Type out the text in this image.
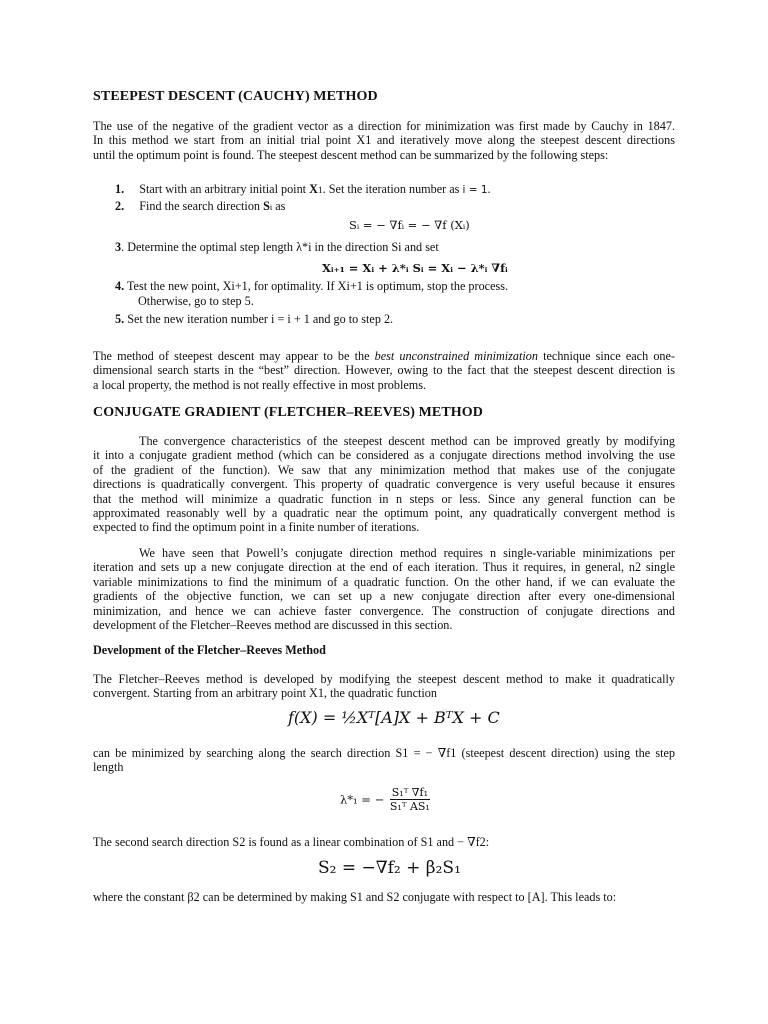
STEEPEST DESCENT (CAUCHY) METHOD
The use of the negative of the gradient vector as a direction for minimization was first made by Cauchy in 1847.
In this method we start from an initial trial point X1 and iteratively move along the steepest descent directions
until the optimum point is found. The steepest descent method can be summarized by the following steps:
1. Start with an arbitrary initial point X1. Set the iteration number as i = 1.
2. Find the search direction Si as
Sᵢ = − ∇fᵢ = − ∇f (Xᵢ)
3. Determine the optimal step length λ*i in the direction Si and set
Xᵢ₊₁ = Xᵢ + λ*ᵢ Sᵢ = Xᵢ − λ*ᵢ ∇fᵢ
4. Test the new point, Xi+1, for optimality. If Xi+1 is optimum, stop the process.
Otherwise, go to step 5.
5. Set the new iteration number i = i + 1 and go to step 2.
The method of steepest descent may appear to be the best unconstrained minimization technique since each one-
dimensional search starts in the “best” direction. However, owing to the fact that the steepest descent direction is
a local property, the method is not really effective in most problems.
CONJUGATE GRADIENT (FLETCHER–REEVES) METHOD
The convergence characteristics of the steepest descent method can be improved greatly by modifying
it into a conjugate gradient method (which can be considered as a conjugate directions method involving the use
of the gradient of the function). We saw that any minimization method that makes use of the conjugate
directions is quadratically convergent. This property of quadratic convergence is very useful because it ensures
that the method will minimize a quadratic function in n steps or less. Since any general function can be
approximated reasonably well by a quadratic near the optimum point, any quadratically convergent method is
expected to find the optimum point in a finite number of iterations.
We have seen that Powell’s conjugate direction method requires n single-variable minimizations per
iteration and sets up a new conjugate direction at the end of each iteration. Thus it requires, in general, n2 single
variable minimizations to find the minimum of a quadratic function. On the other hand, if we can evaluate the
gradients of the objective function, we can set up a new conjugate direction after every one-dimensional
minimization, and hence we can achieve faster convergence. The construction of conjugate directions and
development of the Fletcher–Reeves method are discussed in this section.
Development of the Fletcher–Reeves Method
The Fletcher–Reeves method is developed by modifying the steepest descent method to make it quadratically
convergent. Starting from an arbitrary point X1, the quadratic function
f(X) = ½Xᵀ[A]X + BᵀX + C
can be minimized by searching along the search direction S1 = − ∇f1 (steepest descent direction) using the step
length
λ*₁ = − $\frac{\text{S₁ᵀ ∇f₁}}{\text{S₁ᵀ AS₁}}$
The second search direction S2 is found as a linear combination of S1 and − ∇f2:
S₂ = −∇f₂ + β₂S₁
where the constant β2 can be determined by making S1 and S2 conjugate with respect to [A]. This leads to:
